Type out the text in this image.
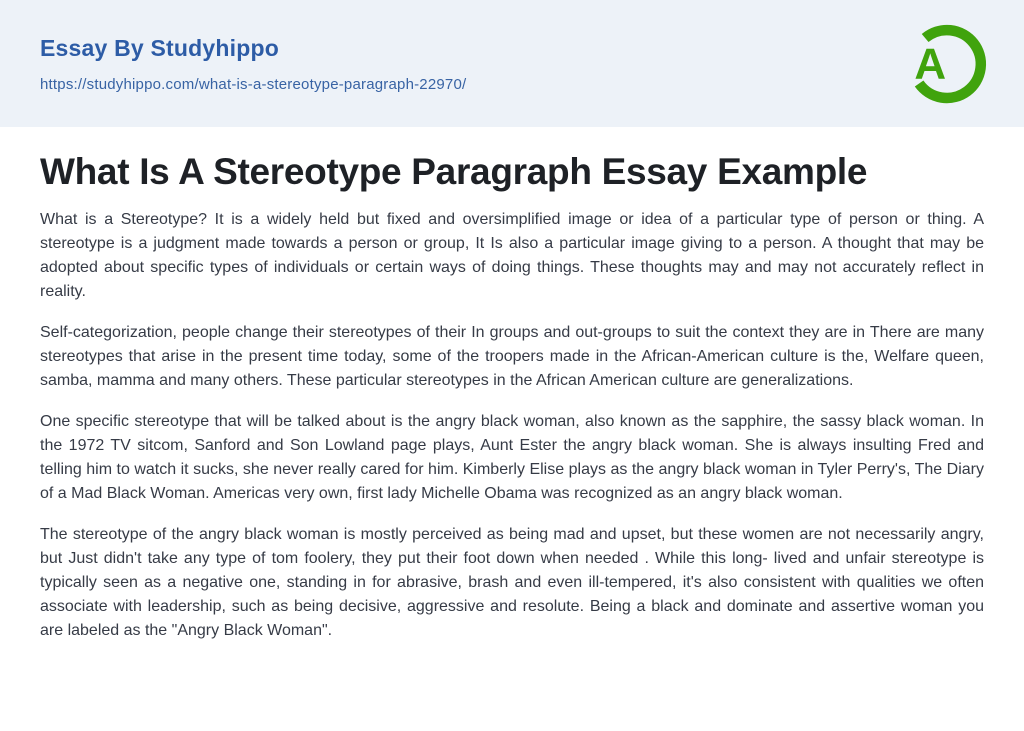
Essay By Studyhippo
https://studyhippo.com/what-is-a-stereotype-paragraph-22970/	A
What Is A Stereotype Paragraph Essay Example

What is a Stereotype? It is a widely held but fixed and oversimplified image or idea of a particular type of person or thing. A stereotype is a judgment made towards a person or group, It Is also a particular image giving to a person. A thought that may be adopted about specific types of individuals or certain ways of doing things. These thoughts may and may not accurately reflect in reality.

Self-categorization, people change their stereotypes of their In groups and out-groups to suit the context they are in There are many stereotypes that arise in the present time today, some of the troopers made in the African-American culture is the, Welfare queen, samba, mamma and many others. These particular stereotypes in the African American culture are generalizations.

One specific stereotype that will be talked about is the angry black woman, also known as the sapphire, the sassy black woman. In the 1972 TV sitcom, Sanford and Son Lowland page plays, Aunt Ester the angry black woman. She is always insulting Fred and telling him to watch it sucks, she never really cared for him. Kimberly Elise plays as the angry black woman in Tyler Perry's, The Diary of a Mad Black Woman. Americas very own, first lady Michelle Obama was recognized as an angry black woman.

The stereotype of the angry black woman is mostly perceived as being mad and upset, but these women are not necessarily angry, but Just didn't take any type of tom foolery, they put their foot down when needed . While this long- lived and unfair stereotype is typically seen as a negative one, standing in for abrasive, brash and even ill-tempered, it's also consistent with qualities we often associate with leadership, such as being decisive, aggressive and resolute. Being a black and dominate and assertive woman you are labeled as the "Angry Black Woman".
